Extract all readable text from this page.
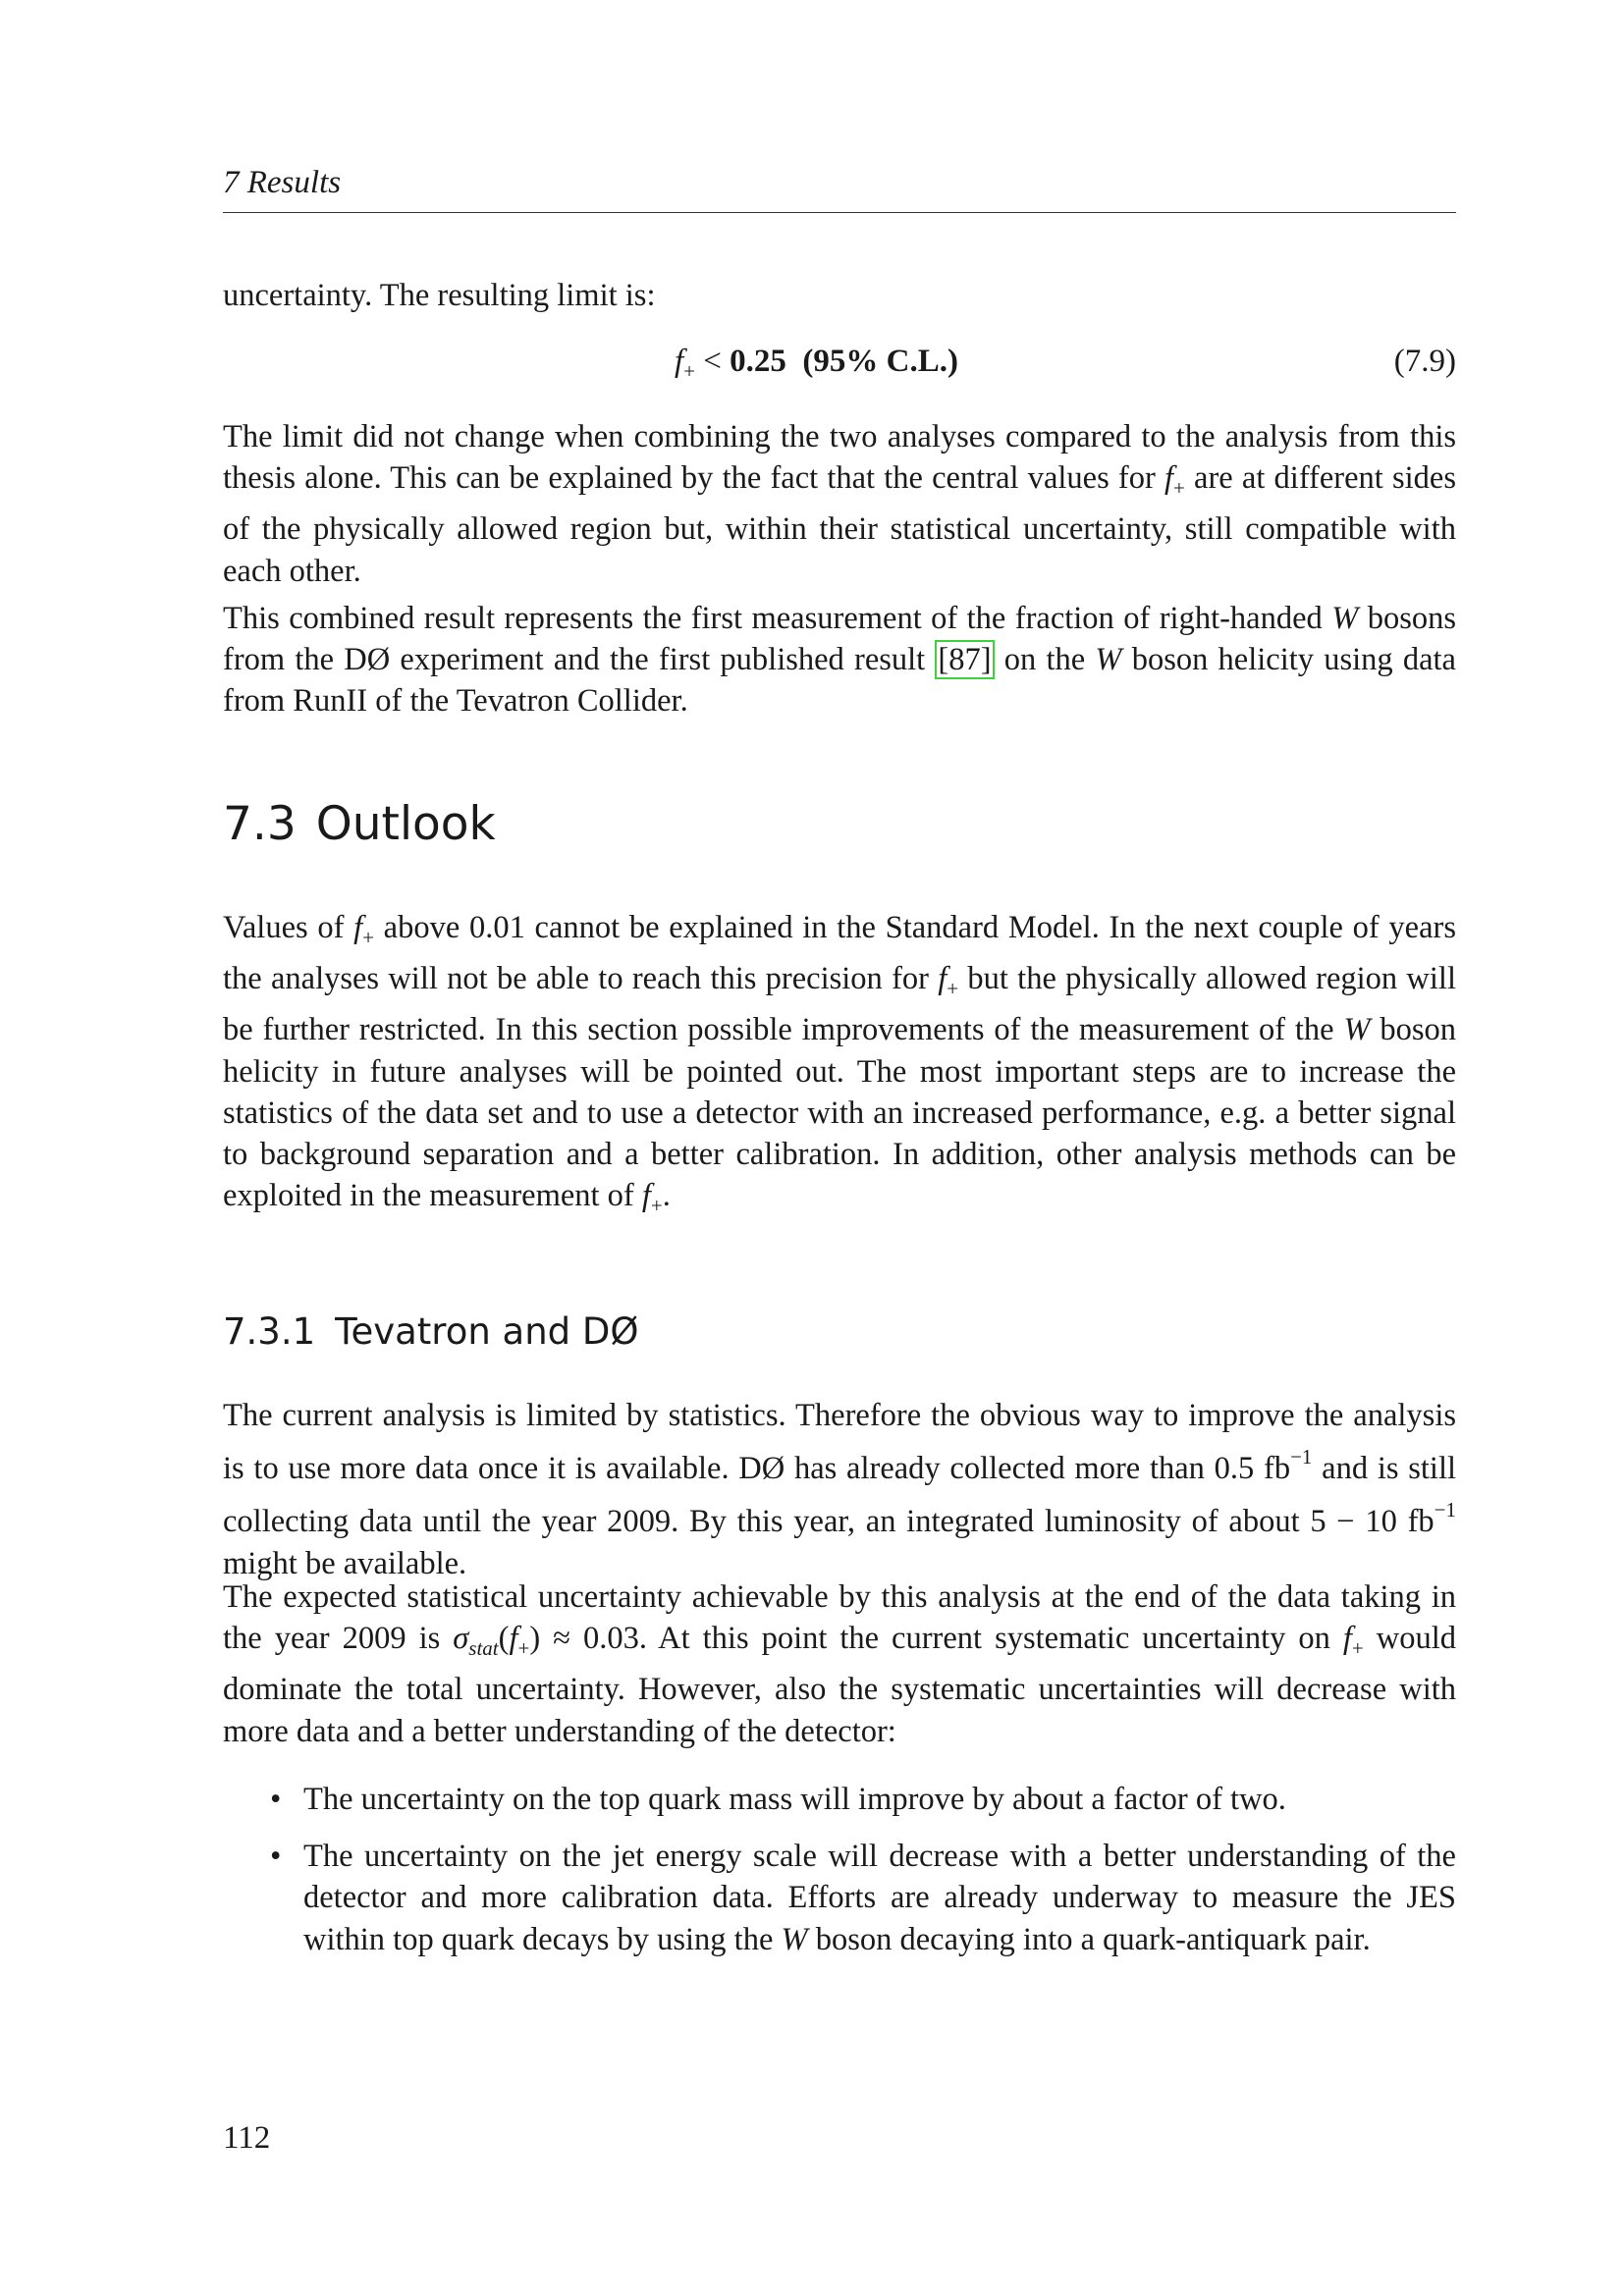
7 Results

uncertainty. The resulting limit is:

$f_+ < 0.25$ (95% C.L.)	(7.9)

The limit did not change when combining the two analyses compared to the analysis from this thesis alone. This can be explained by the fact that the central values for $f_+$ are at different sides of the physically allowed region but, within their statistical uncertainty, still compatible with each other.

This combined result represents the first measurement of the fraction of right-handed W bosons from the DØ experiment and the first published result [87] on the W boson helicity using data from RunII of the Tevatron Collider.

7.3 Outlook

Values of $f_+$ above 0.01 cannot be explained in the Standard Model. In the next couple of years the analyses will not be able to reach this precision for $f_+$ but the physically allowed region will be further restricted. In this section possible improvements of the measurement of the W boson helicity in future analyses will be pointed out. The most important steps are to increase the statistics of the data set and to use a detector with an increased performance, e.g. a better signal to background separation and a better calibration. In addition, other analysis methods can be exploited in the measurement of $f_+$.

7.3.1 Tevatron and DØ

The current analysis is limited by statistics. Therefore the obvious way to improve the analysis is to use more data once it is available. DØ has already collected more than 0.5 $fb^{-1}$ and is still collecting data until the year 2009. By this year, an integrated luminosity of about 5 − 10 $fb^{-1}$ might be available.

The expected statistical uncertainty achievable by this analysis at the end of the data taking in the year 2009 is $\sigma_{stat}(f_+) \approx 0.03$. At this point the current systematic uncertainty on $f_+$ would dominate the total uncertainty. However, also the systematic uncertainties will decrease with more data and a better understanding of the detector:

• The uncertainty on the top quark mass will improve by about a factor of two.
• The uncertainty on the jet energy scale will decrease with a better understanding of the detector and more calibration data. Efforts are already underway to measure the JES within top quark decays by using the W boson decaying into a quark-antiquark pair.
112
